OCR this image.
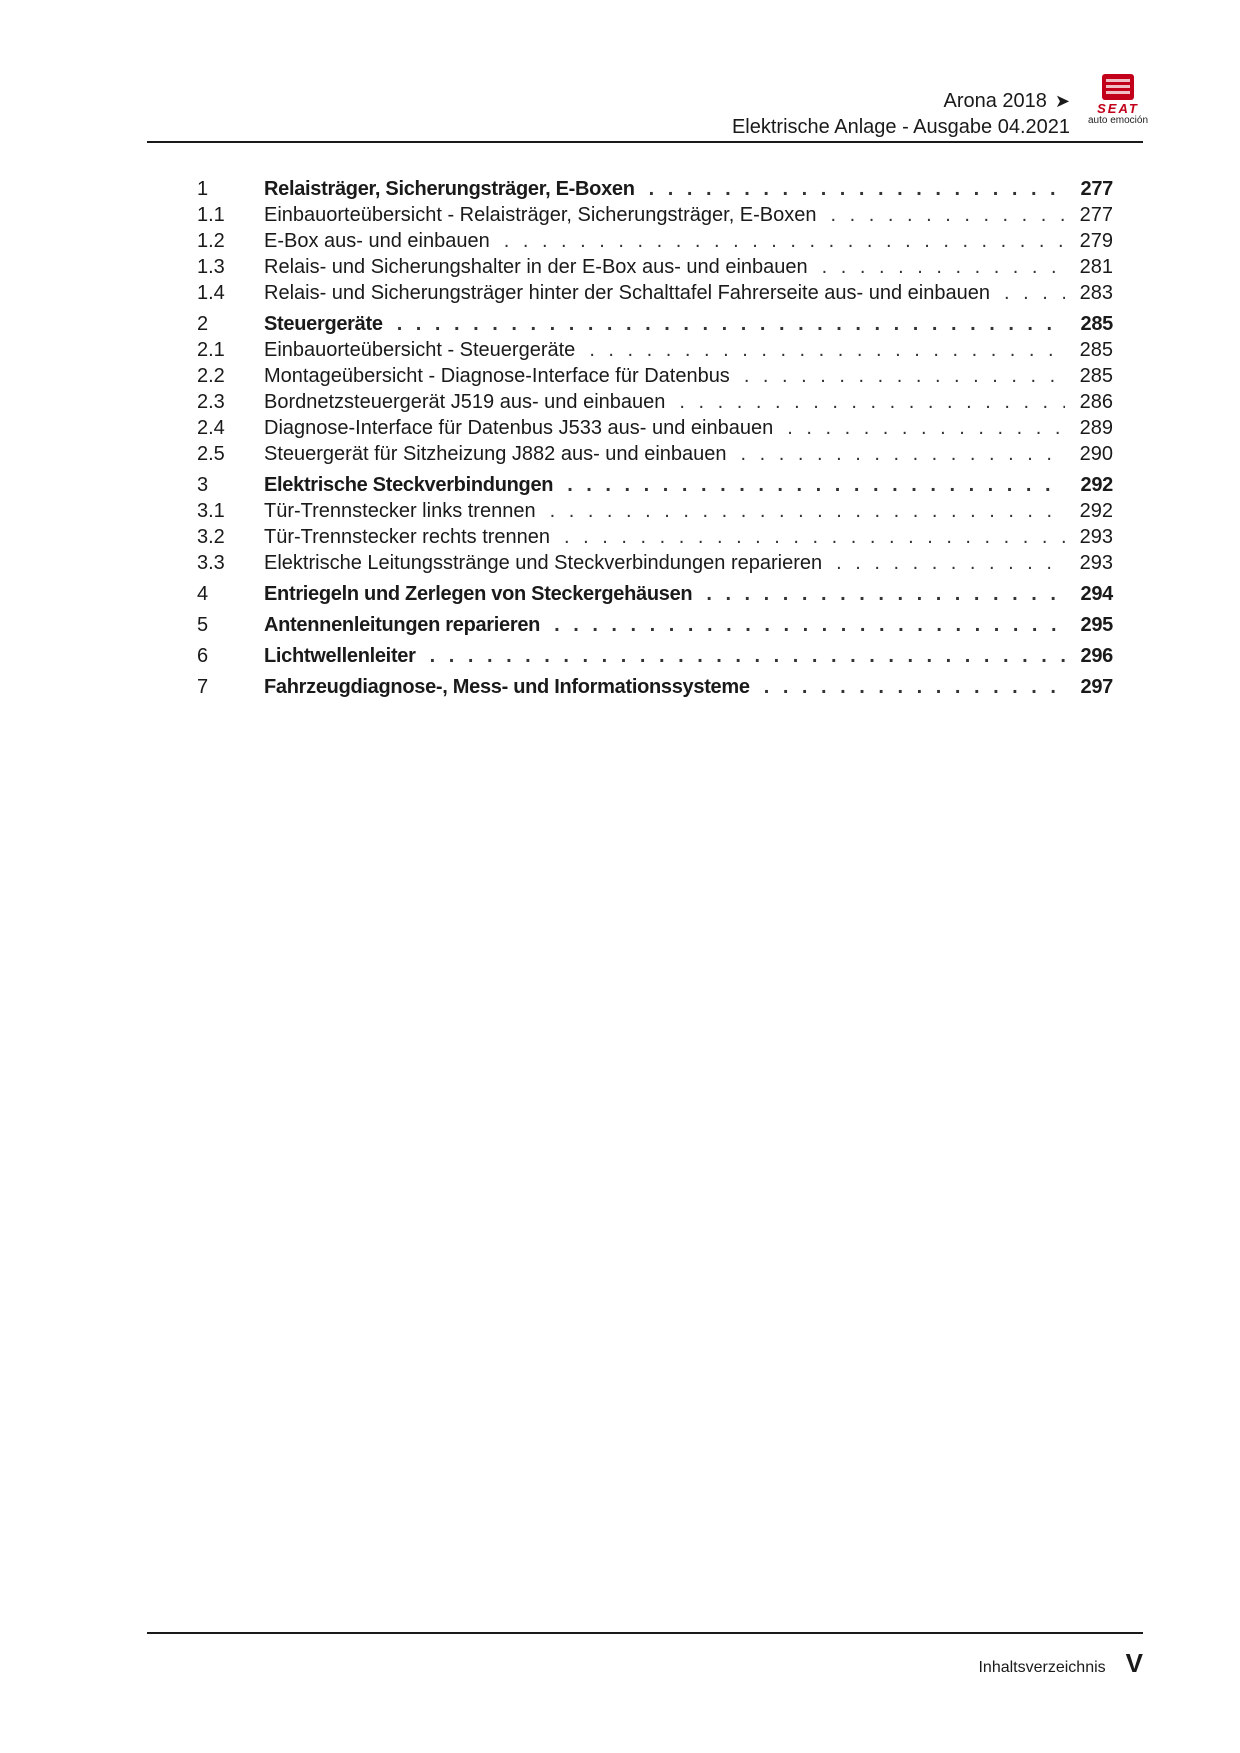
Arona 2018 ➤
Elektrische Anlage - Ausgabe 04.2021
SEAT
auto emoción
1	Relaisträger, Sicherungsträger, E-Boxen . . .	277
1.1	Einbauorteübersicht - Relaisträger, Sicherungsträger, E-Boxen . . .	277
1.2	E-Box aus- und einbauen . . .	279
1.3	Relais- und Sicherungshalter in der E-Box aus- und einbauen . . .	281
1.4	Relais- und Sicherungsträger hinter der Schalttafel Fahrerseite aus- und einbauen . . .	283
2	Steuergeräte . . .	285
2.1	Einbauorteübersicht - Steuergeräte . . .	285
2.2	Montageübersicht - Diagnose-Interface für Datenbus . . .	285
2.3	Bordnetzsteuergerät J519 aus- und einbauen . . .	286
2.4	Diagnose-Interface für Datenbus J533 aus- und einbauen . . .	289
2.5	Steuergerät für Sitzheizung J882 aus- und einbauen . . .	290
3	Elektrische Steckverbindungen . . .	292
3.1	Tür-Trennstecker links trennen . . .	292
3.2	Tür-Trennstecker rechts trennen . . .	293
3.3	Elektrische Leitungsstränge und Steckverbindungen reparieren . . .	293
4	Entriegeln und Zerlegen von Steckergehäusen . . .	294
5	Antennenleitungen reparieren . . .	295
6	Lichtwellenleiter . . .	296
7	Fahrzeugdiagnose-, Mess- und Informationssysteme . . .	297
Inhaltsverzeichnis V
